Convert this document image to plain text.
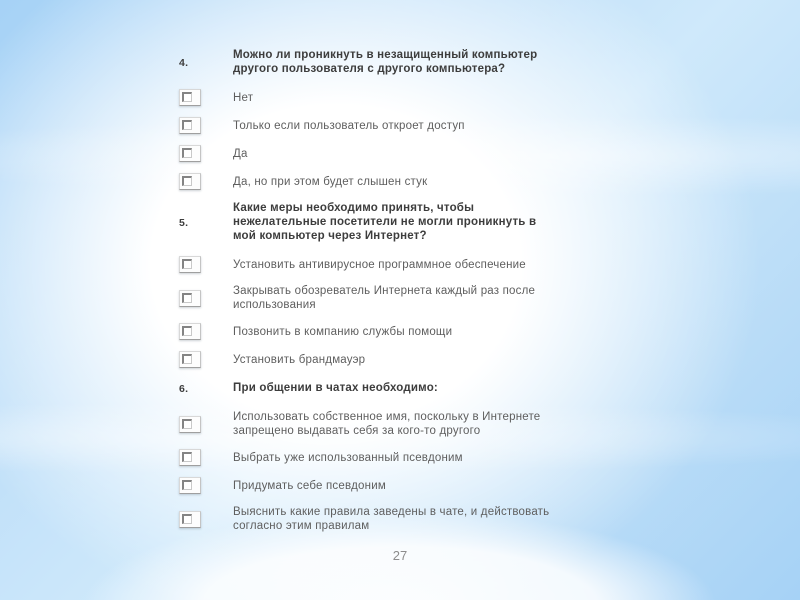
4.
Можно ли проникнуть в незащищенный компьютер другого пользователя с другого компьютера?
Нет
Только если пользователь откроет доступ
Да
Да, но при этом будет слышен стук
5.
Какие меры необходимо принять, чтобы нежелательные посетители не могли проникнуть в мой компьютер через Интернет?
Установить антивирусное программное обеспечение
Закрывать обозреватель Интернета каждый раз после использования
Позвонить в компанию службы помощи
Установить брандмауэр
6.	При общении в чатах необходимо:
Использовать собственное имя, поскольку в Интернете запрещено выдавать себя за кого-то другого
Выбрать уже использованный псевдоним
Придумать себе псевдоним
Выяснить какие правила заведены в чате, и действовать согласно этим правилам
27
